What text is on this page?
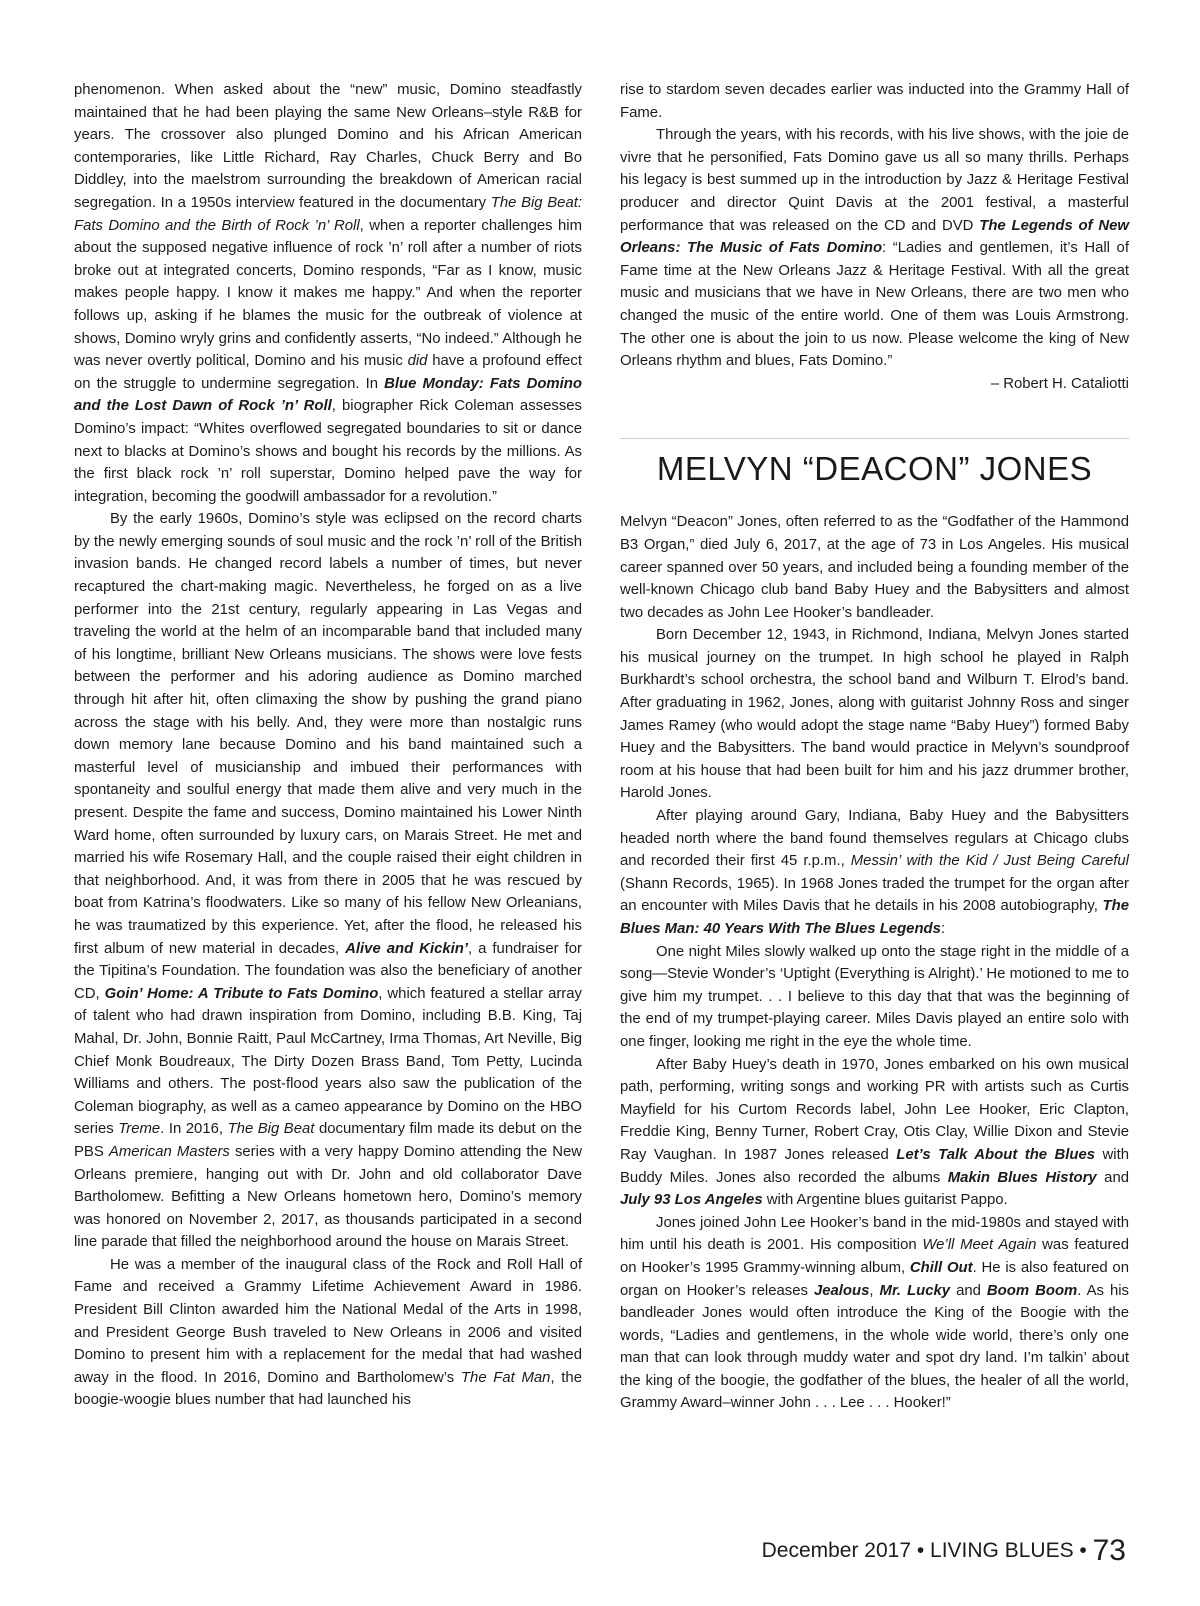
phenomenon. When asked about the “new” music, Domino steadfastly maintained that he had been playing the same New Orleans–style R&B for years. The crossover also plunged Domino and his African American contemporaries, like Little Richard, Ray Charles, Chuck Berry and Bo Diddley, into the maelstrom surrounding the breakdown of American racial segregation. In a 1950s interview featured in the documentary The Big Beat: Fats Domino and the Birth of Rock ’n’ Roll, when a reporter challenges him about the supposed negative influence of rock ’n’ roll after a number of riots broke out at integrated concerts, Domino responds, “Far as I know, music makes people happy. I know it makes me happy.” And when the reporter follows up, asking if he blames the music for the outbreak of violence at shows, Domino wryly grins and confidently asserts, “No indeed.” Although he was never overtly political, Domino and his music did have a profound effect on the struggle to undermine segregation. In Blue Monday: Fats Domino and the Lost Dawn of Rock ’n’ Roll, biographer Rick Coleman assesses Domino’s impact: “Whites overflowed segregated boundaries to sit or dance next to blacks at Domino’s shows and bought his records by the millions. As the first black rock ’n’ roll superstar, Domino helped pave the way for integration, becoming the goodwill ambassador for a revolution.”

By the early 1960s, Domino’s style was eclipsed on the record charts by the newly emerging sounds of soul music and the rock ’n’ roll of the British invasion bands. He changed record labels a number of times, but never recaptured the chart-making magic. Nevertheless, he forged on as a live performer into the 21st century, regularly appearing in Las Vegas and traveling the world at the helm of an incomparable band that included many of his longtime, brilliant New Orleans musicians. The shows were love fests between the performer and his adoring audience as Domino marched through hit after hit, often climaxing the show by pushing the grand piano across the stage with his belly. And, they were more than nostalgic runs down memory lane because Domino and his band maintained such a masterful level of musicianship and imbued their performances with spontaneity and soulful energy that made them alive and very much in the present. Despite the fame and success, Domino maintained his Lower Ninth Ward home, often surrounded by luxury cars, on Marais Street. He met and married his wife Rosemary Hall, and the couple raised their eight children in that neighborhood. And, it was from there in 2005 that he was rescued by boat from Katrina’s floodwaters. Like so many of his fellow New Orleanians, he was traumatized by this experience. Yet, after the flood, he released his first album of new material in decades, Alive and Kickin’, a fundraiser for the Tipitina’s Foundation. The foundation was also the beneficiary of another CD, Goin’ Home: A Tribute to Fats Domino, which featured a stellar array of talent who had drawn inspiration from Domino, including B.B. King, Taj Mahal, Dr. John, Bonnie Raitt, Paul McCartney, Irma Thomas, Art Neville, Big Chief Monk Boudreaux, The Dirty Dozen Brass Band, Tom Petty, Lucinda Williams and others. The post-flood years also saw the publication of the Coleman biography, as well as a cameo appearance by Domino on the HBO series Treme. In 2016, The Big Beat documentary film made its debut on the PBS American Masters series with a very happy Domino attending the New Orleans premiere, hanging out with Dr. John and old collaborator Dave Bartholomew. Befitting a New Orleans hometown hero, Domino’s memory was honored on November 2, 2017, as thousands participated in a second line parade that filled the neighborhood around the house on Marais Street.

He was a member of the inaugural class of the Rock and Roll Hall of Fame and received a Grammy Lifetime Achievement Award in 1986. President Bill Clinton awarded him the National Medal of the Arts in 1998, and President George Bush traveled to New Orleans in 2006 and visited Domino to present him with a replacement for the medal that had washed away in the flood. In 2016, Domino and Bartholomew’s The Fat Man, the boogie-woogie blues number that had launched his

rise to stardom seven decades earlier was inducted into the Grammy Hall of Fame.

Through the years, with his records, with his live shows, with the joie de vivre that he personified, Fats Domino gave us all so many thrills. Perhaps his legacy is best summed up in the introduction by Jazz & Heritage Festival producer and director Quint Davis at the 2001 festival, a masterful performance that was released on the CD and DVD The Legends of New Orleans: The Music of Fats Domino: “Ladies and gentlemen, it’s Hall of Fame time at the New Orleans Jazz & Heritage Festival. With all the great music and musicians that we have in New Orleans, there are two men who changed the music of the entire world. One of them was Louis Armstrong. The other one is about the join to us now. Please welcome the king of New Orleans rhythm and blues, Fats Domino.”

– Robert H. Cataliotti

MELVYN “DEACON” JONES

Melvyn “Deacon” Jones, often referred to as the “Godfather of the Hammond B3 Organ,” died July 6, 2017, at the age of 73 in Los Angeles. His musical career spanned over 50 years, and included being a founding member of the well-known Chicago club band Baby Huey and the Babysitters and almost two decades as John Lee Hooker’s bandleader.

Born December 12, 1943, in Richmond, Indiana, Melvyn Jones started his musical journey on the trumpet. In high school he played in Ralph Burkhardt’s school orchestra, the school band and Wilburn T. Elrod’s band. After graduating in 1962, Jones, along with guitarist Johnny Ross and singer James Ramey (who would adopt the stage name “Baby Huey”) formed Baby Huey and the Babysitters. The band would practice in Melyvn’s soundproof room at his house that had been built for him and his jazz drummer brother, Harold Jones.

After playing around Gary, Indiana, Baby Huey and the Babysitters headed north where the band found themselves regulars at Chicago clubs and recorded their first 45 r.p.m., Messin’ with the Kid / Just Being Careful (Shann Records, 1965). In 1968 Jones traded the trumpet for the organ after an encounter with Miles Davis that he details in his 2008 autobiography, The Blues Man: 40 Years With The Blues Legends:

One night Miles slowly walked up onto the stage right in the middle of a song—Stevie Wonder’s ‘Uptight (Everything is Alright).’ He motioned to me to give him my trumpet. . . I believe to this day that that was the beginning of the end of my trumpet-playing career. Miles Davis played an entire solo with one finger, looking me right in the eye the whole time.

After Baby Huey’s death in 1970, Jones embarked on his own musical path, performing, writing songs and working PR with artists such as Curtis Mayfield for his Curtom Records label, John Lee Hooker, Eric Clapton, Freddie King, Benny Turner, Robert Cray, Otis Clay, Willie Dixon and Stevie Ray Vaughan. In 1987 Jones released Let’s Talk About the Blues with Buddy Miles. Jones also recorded the albums Makin Blues History and July 93 Los Angeles with Argentine blues guitarist Pappo.

Jones joined John Lee Hooker’s band in the mid-1980s and stayed with him until his death is 2001. His composition We’ll Meet Again was featured on Hooker’s 1995 Grammy-winning album, Chill Out. He is also featured on organ on Hooker’s releases Jealous, Mr. Lucky and Boom Boom. As his bandleader Jones would often introduce the King of the Boogie with the words, “Ladies and gentlemens, in the whole wide world, there’s only one man that can look through muddy water and spot dry land. I’m talkin’ about the king of the boogie, the godfather of the blues, the healer of all the world, Grammy Award–winner John . . . Lee . . . Hooker!”

December 2017 • LIVING BLUES • 73
